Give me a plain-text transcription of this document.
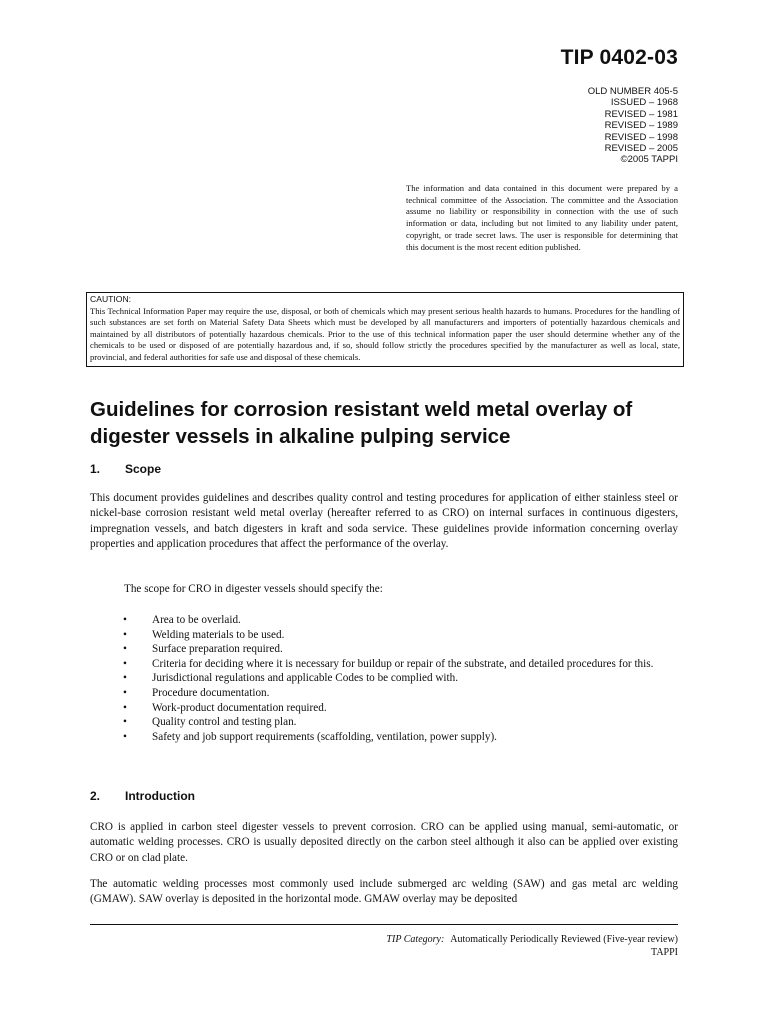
TIP 0402-03
OLD NUMBER 405-5
ISSUED – 1968
REVISED – 1981
REVISED – 1989
REVISED – 1998
REVISED – 2005
©2005 TAPPI
The information and data contained in this document were prepared by a technical committee of the Association. The committee and the Association assume no liability or responsibility in connection with the use of such information or data, including but not limited to any liability under patent, copyright, or trade secret laws. The user is responsible for determining that this document is the most recent edition published.
CAUTION:
This Technical Information Paper may require the use, disposal, or both of chemicals which may present serious health hazards to humans. Procedures for the handling of such substances are set forth on Material Safety Data Sheets which must be developed by all manufacturers and importers of potentially hazardous chemicals and maintained by all distributors of potentially hazardous chemicals. Prior to the use of this technical information paper the user should determine whether any of the chemicals to be used or disposed of are potentially hazardous and, if so, should follow strictly the procedures specified by the manufacturer as well as local, state, provincial, and federal authorities for safe use and disposal of these chemicals.
Guidelines for corrosion resistant weld metal overlay of digester vessels in alkaline pulping service
1. Scope

This document provides guidelines and describes quality control and testing procedures for application of either stainless steel or nickel-base corrosion resistant weld metal overlay (hereafter referred to as CRO) on internal surfaces in continuous digesters, impregnation vessels, and batch digesters in kraft and soda service. These guidelines provide information concerning overlay properties and application procedures that affect the performance of the overlay.

The scope for CRO in digester vessels should specify the:

• Area to be overlaid.
• Welding materials to be used.
• Surface preparation required.
• Criteria for deciding where it is necessary for buildup or repair of the substrate, and detailed procedures for this.
• Jurisdictional regulations and applicable Codes to be complied with.
• Procedure documentation.
• Work-product documentation required.
• Quality control and testing plan.
• Safety and job support requirements (scaffolding, ventilation, power supply).
2. Introduction

CRO is applied in carbon steel digester vessels to prevent corrosion. CRO can be applied using manual, semi-automatic, or automatic welding processes. CRO is usually deposited directly on the carbon steel although it also can be applied over existing CRO or on clad plate.

The automatic welding processes most commonly used include submerged arc welding (SAW) and gas metal arc welding (GMAW). SAW overlay is deposited in the horizontal mode. GMAW overlay may be deposited

TIP Category: Automatically Periodically Reviewed (Five-year review)
TAPPI
